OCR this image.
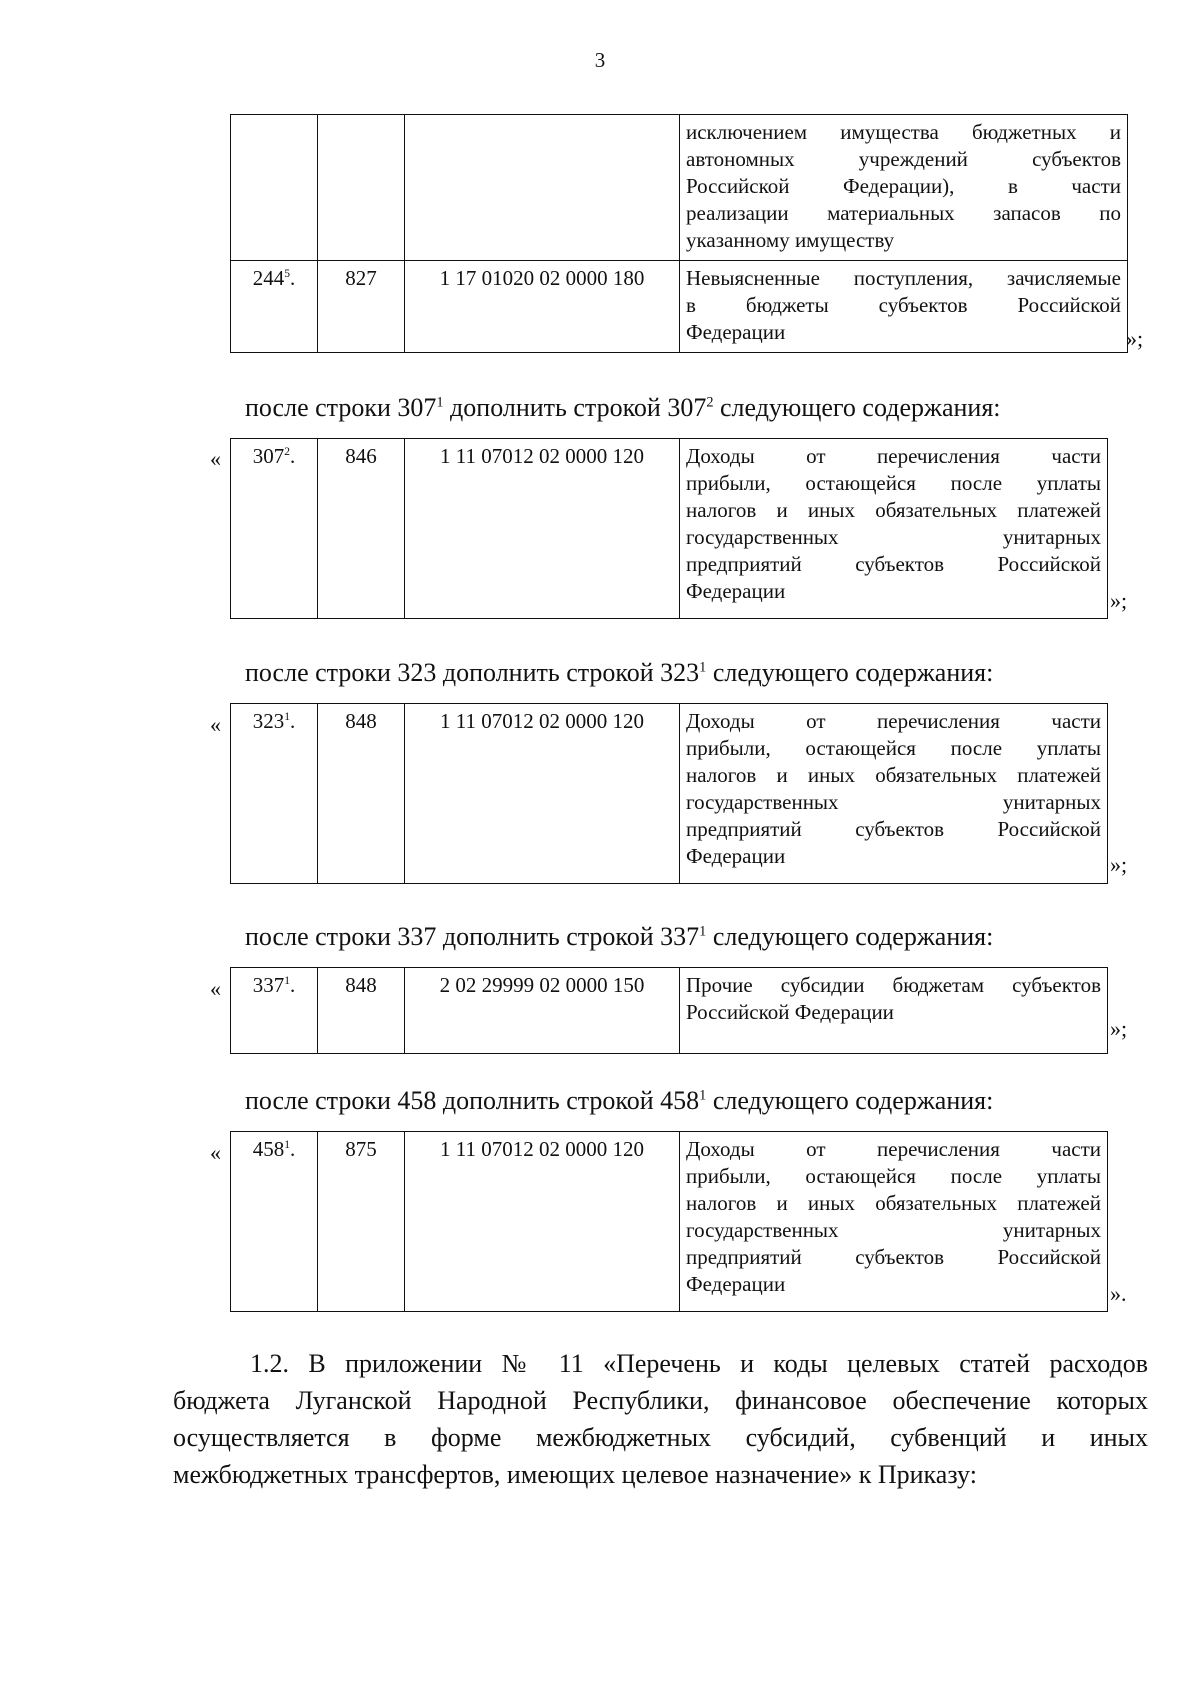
3

			исключением имущества бюджетных и
автономных учреждений субъектов
Российской Федерации), в части
реализации материальных запасов по
указанному имуществу

$244^5$.	827	1 17 01020 02 0000 180	Невыясненные поступления, зачисляемые
в бюджеты субъектов Российской
Федерации	»;
после строки $307^1$ дополнить строкой $307^2$ следующего содержания:
« $307^2$.	846	1 11 07012 02 0000 120	Доходы от перечисления части
прибыли, остающейся после уплаты
налогов и иных обязательных платежей
государственных унитарных
предприятий субъектов Российской
Федерации	»;
после строки 323 дополнить строкой $323^1$ следующего содержания:
« $323^1$.	848	1 11 07012 02 0000 120	Доходы от перечисления части
прибыли, остающейся после уплаты
налогов и иных обязательных платежей
государственных унитарных
предприятий субъектов Российской
Федерации	»;
после строки 337 дополнить строкой $337^1$ следующего содержания:
« $337^1$.	848	2 02 29999 02 0000 150	Прочие субсидии бюджетам субъектов
Российской Федерации
»;
после строки 458 дополнить строкой $458^1$ следующего содержания:
« $458^1$.	875	1 11 07012 02 0000 120	Доходы от перечисления части
прибыли, остающейся после уплаты
налогов и иных обязательных платежей
государственных унитарных
предприятий субъектов Российской
Федерации	».
1.2. В приложении № 11 «Перечень и коды целевых статей расходов
бюджета Луганской Народной Республики, финансовое обеспечение которых
осуществляется в форме межбюджетных субсидий, субвенций и иных
межбюджетных трансфертов, имеющих целевое назначение» к Приказу:
